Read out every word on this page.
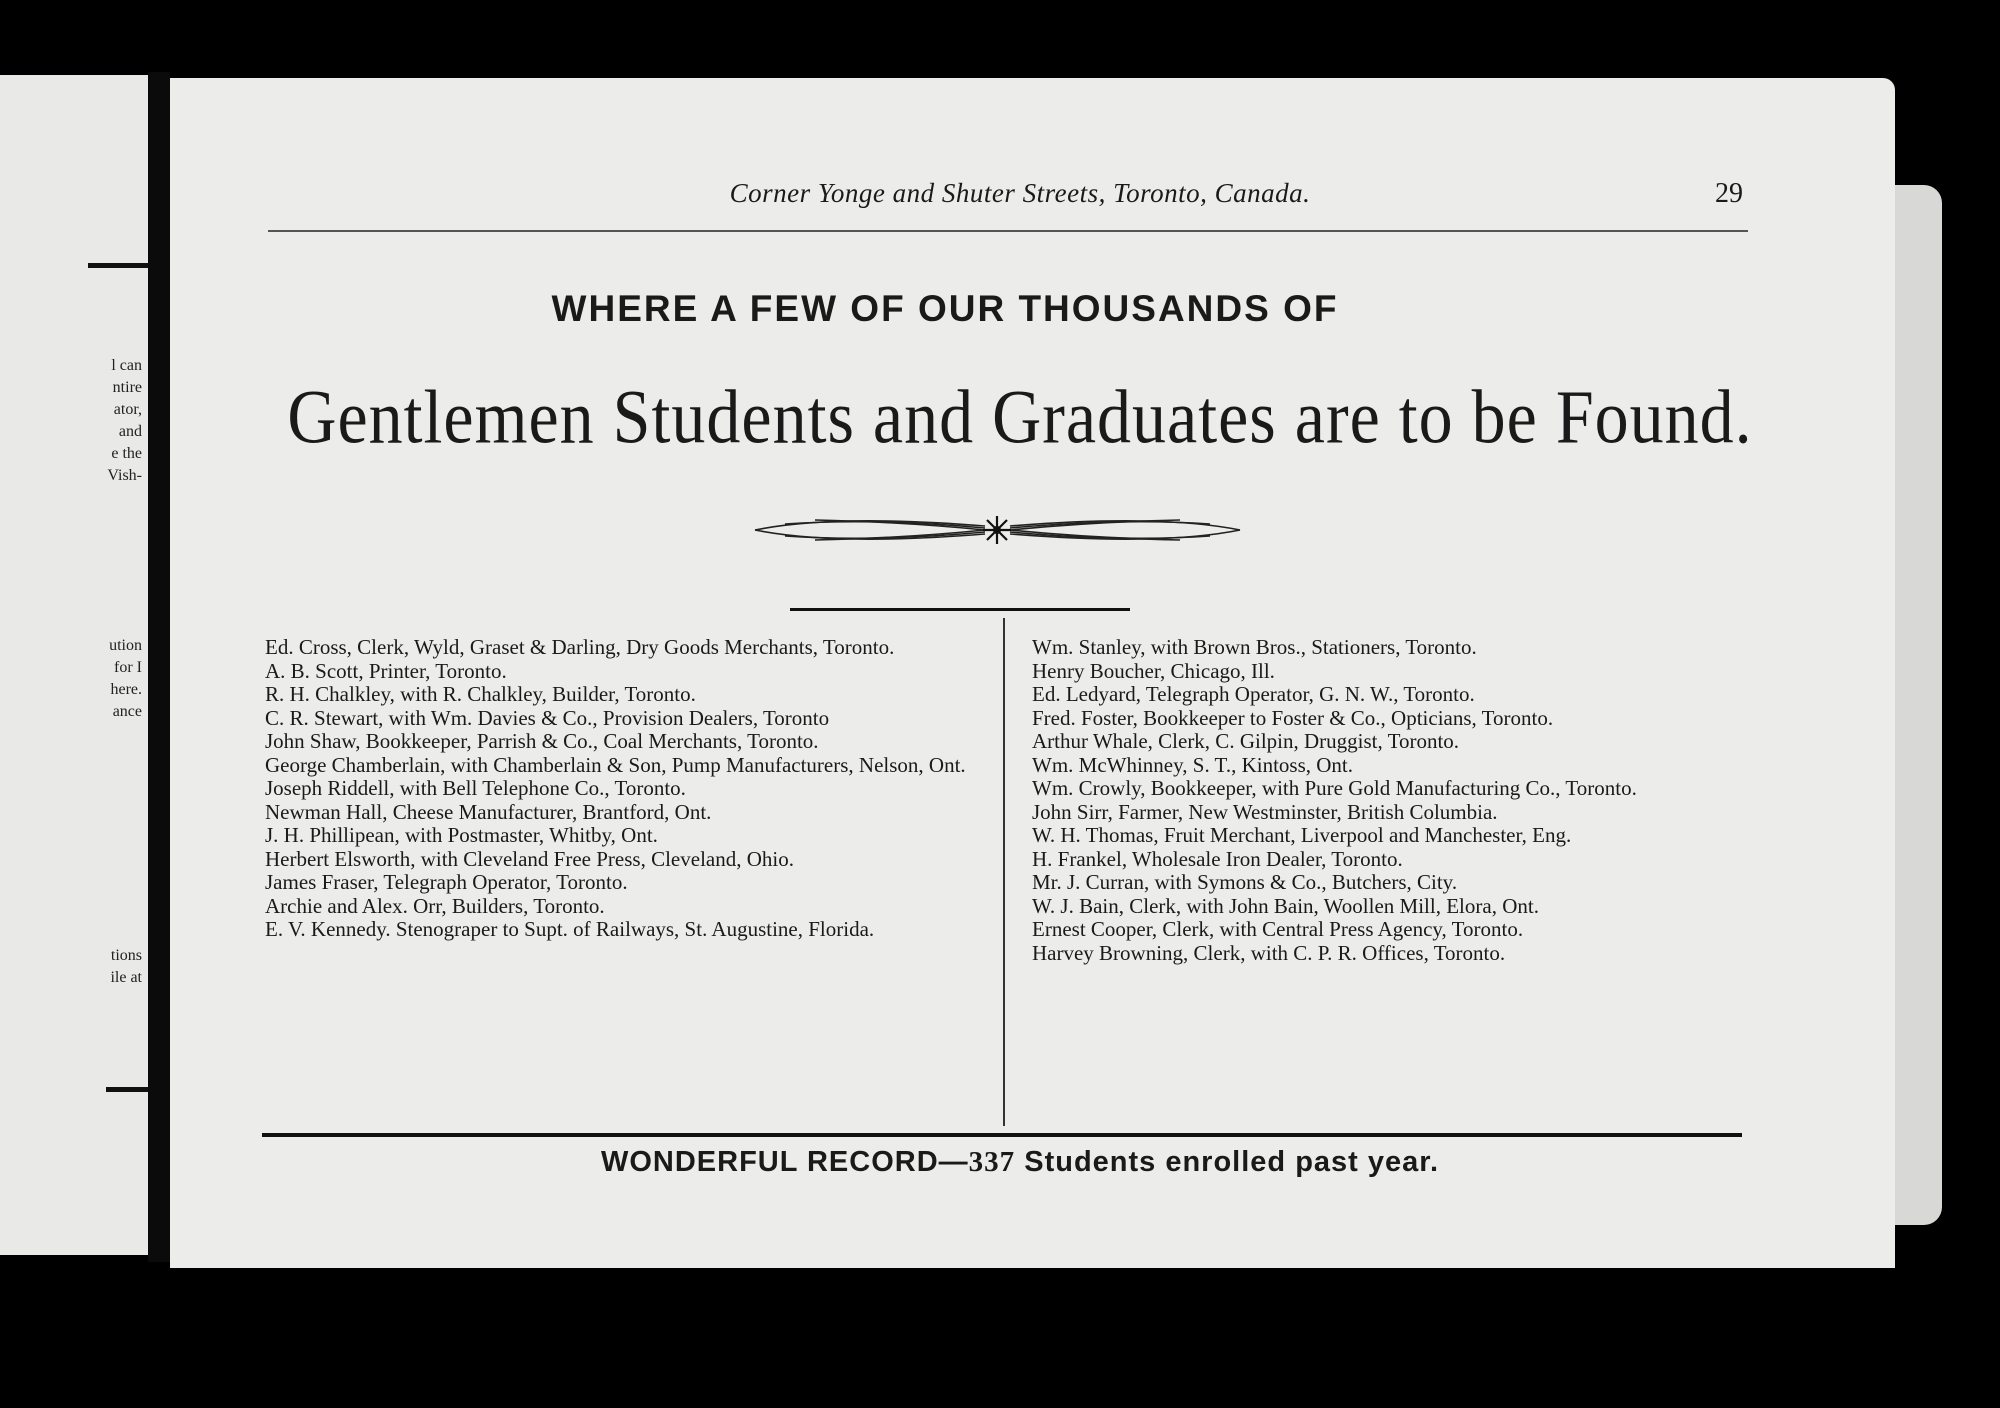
l can
ntire
ator,
and
e the
Vish-
ution
for I
here.
ance
tions
ile at
Corner Yonge and Shuter Streets, Toronto, Canada.	29
WHERE A FEW OF OUR THOUSANDS OF
Gentlemen Students and Graduates are to be Found.

Ed. Cross, Clerk, Wyld, Graset & Darling, Dry Goods Merchants, Toronto.

A. B. Scott, Printer, Toronto.

R. H. Chalkley, with R. Chalkley, Builder, Toronto.

C. R. Stewart, with Wm. Davies & Co., Provision Dealers, Toronto

John Shaw, Bookkeeper, Parrish & Co., Coal Merchants, Toronto.

George Chamberlain, with Chamberlain & Son, Pump Manufacturers, Nelson, Ont.

Joseph Riddell, with Bell Telephone Co., Toronto.

Newman Hall, Cheese Manufacturer, Brantford, Ont.

J. H. Phillipean, with Postmaster, Whitby, Ont.

Herbert Elsworth, with Cleveland Free Press, Cleveland, Ohio.

James Fraser, Telegraph Operator, Toronto.

Archie and Alex. Orr, Builders, Toronto.

E. V. Kennedy. Stenograper to Supt. of Railways, St. Augustine, Florida.

Wm. Stanley, with Brown Bros., Stationers, Toronto.

Henry Boucher, Chicago, Ill.

Ed. Ledyard, Telegraph Operator, G. N. W., Toronto.

Fred. Foster, Bookkeeper to Foster & Co., Opticians, Toronto.

Arthur Whale, Clerk, C. Gilpin, Druggist, Toronto.

Wm. McWhinney, S. T., Kintoss, Ont.

Wm. Crowly, Bookkeeper, with Pure Gold Manufacturing Co., Toronto.

John Sirr, Farmer, New Westminster, British Columbia.

W. H. Thomas, Fruit Merchant, Liverpool and Manchester, Eng.

H. Frankel, Wholesale Iron Dealer, Toronto.

Mr. J. Curran, with Symons & Co., Butchers, City.

W. J. Bain, Clerk, with John Bain, Woollen Mill, Elora, Ont.

Ernest Cooper, Clerk, with Central Press Agency, Toronto.

Harvey Browning, Clerk, with C. P. R. Offices, Toronto.

WONDERFUL RECORD—337 Students enrolled past year.
